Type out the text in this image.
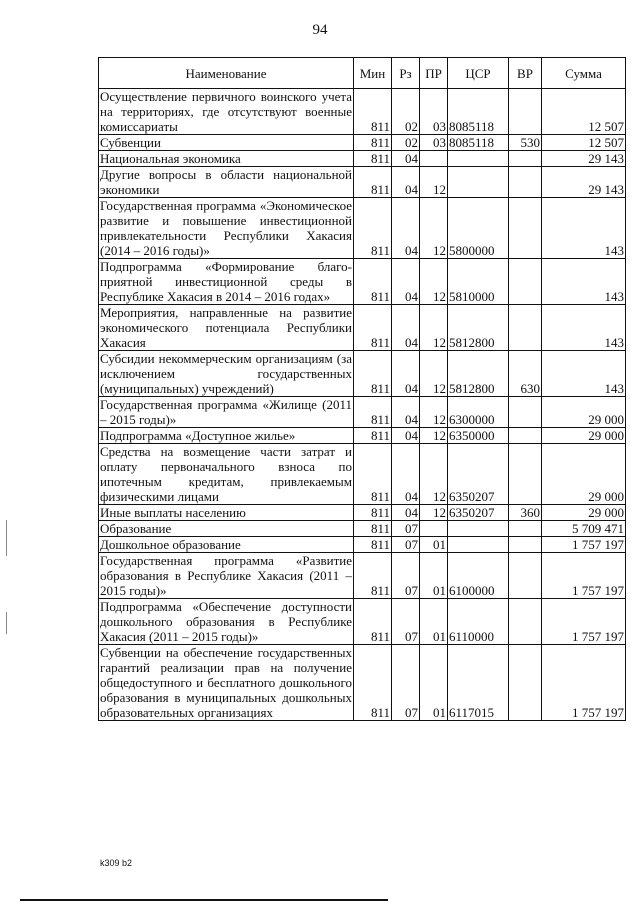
94
Наименование	Мин	Рз	ПР	ЦСР	ВР	Сумма
Осуществление первичного воинского учета на территориях, где отсутствуют военные комиссариаты	811	02	03	8085118		12 507
Субвенции	811	02	03	8085118	530	12 507
Национальная экономика	811	04				29 143
Другие вопросы в области национальной экономики	811	04	12			29 143
Государственная программа «Экономическое развитие и повышение инвестиционной привлекательности Республики Хакасия (2014 – 2016 годы)»	811	04	12	5800000		143
Подпрограмма «Формирование благоприятной инвестиционной среды в Республике Хакасия в 2014 – 2016 годах»	811	04	12	5810000		143
Мероприятия, направленные на развитие экономического потенциала Республики Хакасия	811	04	12	5812800		143
Субсидии некоммерческим организациям (за исключением государственных (муниципальных) учреждений)	811	04	12	5812800	630	143
Государственная программа «Жилище (2011 – 2015 годы)»	811	04	12	6300000		29 000
Подпрограмма «Доступное жилье»	811	04	12	6350000		29 000
Средства на возмещение части затрат и оплату первоначального взноса по ипотечным кредитам, привлекаемым физическими лицами	811	04	12	6350207		29 000
Иные выплаты населению	811	04	12	6350207	360	29 000
Образование	811	07				5 709 471
Дошкольное образование	811	07	01			1 757 197
Государственная программа «Развитие образования в Республике Хакасия (2011 – 2015 годы)»	811	07	01	6100000		1 757 197
Подпрограмма «Обеспечение доступности дошкольного образования в Республике Хакасия (2011 – 2015 годы)»	811	07	01	6110000		1 757 197
Субвенции на обеспечение государственных гарантий реализации прав на получение общедоступного и бесплатного дошкольного образования в муниципальных дошкольных образовательных организациях	811	07	01	6117015		1 757 197
k309 b2
